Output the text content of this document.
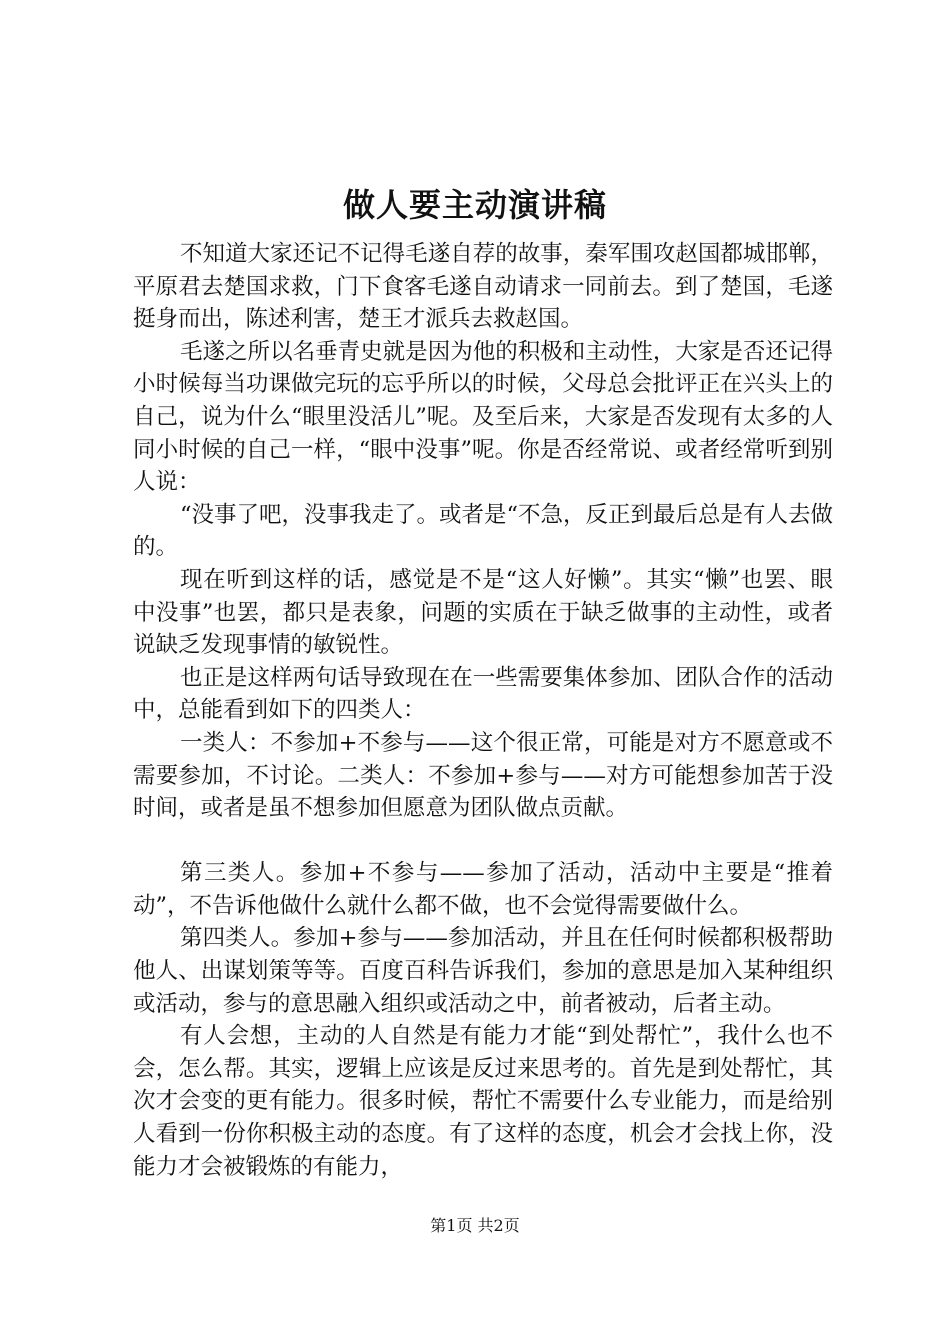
做人要主动演讲稿

不知道大家还记不记得毛遂自荐的故事，秦军围攻赵国都城邯郸，平原君去楚国求救，门下食客毛遂自动请求一同前去。到了楚国，毛遂挺身而出，陈述利害，楚王才派兵去救赵国。

毛遂之所以名垂青史就是因为他的积极和主动性，大家是否还记得小时候每当功课做完玩的忘乎所以的时候，父母总会批评正在兴头上的自己，说为什么“眼里没活儿”呢。及至后来，大家是否发现有太多的人同小时候的自己一样，“眼中没事”呢。你是否经常说、或者经常听到别人说：

“没事了吧，没事我走了。或者是“不急，反正到最后总是有人去做的。

现在听到这样的话，感觉是不是“这人好懒”。其实“懒”也罢、眼中没事”也罢，都只是表象，问题的实质在于缺乏做事的主动性，或者说缺乏发现事情的敏锐性。

也正是这样两句话导致现在在一些需要集体参加、团队合作的活动中，总能看到如下的四类人：

一类人：不参加+不参与——这个很正常，可能是对方不愿意或不需要参加，不讨论。二类人：不参加+参与——对方可能想参加苦于没时间，或者是虽不想参加但愿意为团队做点贡献。

第三类人。参加+不参与——参加了活动，活动中主要是“推着动”，不告诉他做什么就什么都不做，也不会觉得需要做什么。

第四类人。参加+参与——参加活动，并且在任何时候都积极帮助他人、出谋划策等等。百度百科告诉我们，参加的意思是加入某种组织或活动，参与的意思融入组织或活动之中，前者被动，后者主动。

有人会想，主动的人自然是有能力才能“到处帮忙”，我什么也不会，怎么帮。其实，逻辑上应该是反过来思考的。首先是到处帮忙，其次才会变的更有能力。很多时候，帮忙不需要什么专业能力，而是给别人看到一份你积极主动的态度。有了这样的态度，机会才会找上你，没能力才会被锻炼的有能力，

第1页 共2页
